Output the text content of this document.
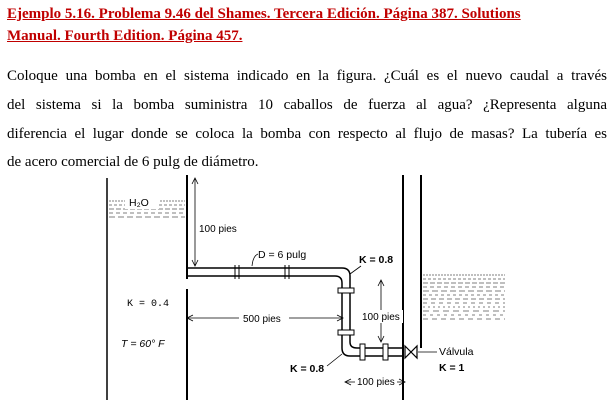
Ejemplo 5.16. Problema 9.46 del Shames. Tercera Edición. Página 387. Solutions
Manual. Fourth Edition. Página 457.
Coloque una bomba en el sistema indicado en la figura. ¿Cuál es el nuevo caudal a través
del sistema si la bomba suministra 10 caballos de fuerza al agua? ¿Representa alguna
diferencia el lugar donde se coloca la bomba con respecto al flujo de masas? La tubería es
de acero comercial de 6 pulg de diámetro.
100 pies
500 pies	100 pies
100 pies
H₂O
D = 6 pulg	K = 0.8
K = 0.4
T = 60° F
K = 0.8
Válvula
K = 1
